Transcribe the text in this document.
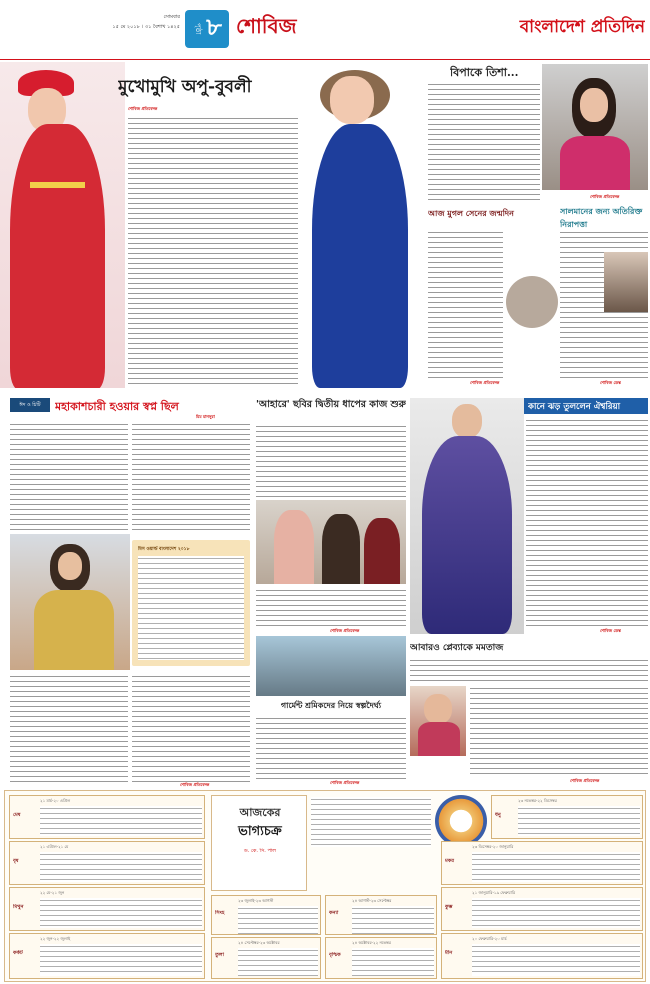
সোমবার
১৫ মে ২০১৮ । ৩১ বৈশাখ ১৪২৫ পৃষ্ঠা ৮ শোবিজ	বাংলাদেশ প্রতিদিন
মুখোমুখি অপু-বুবলী
শোবিজ প্রতিবেদক
বিপাকে তিশা...
শোবিজ প্রতিবেদক
আজ মুগল সেনের জন্মদিন
শোবিজ প্রতিবেদক
সালমানের জন্য অতিরিক্ত নিরাপত্তা
শোবিজ ডেস্ক
ঈদ ও চিটি	মহাকাশচারী হওয়ার স্বপ্ন ছিল
মিম মানসূরা
মিস ওয়ার্ল্ড বাংলাদেশ ২০১৮
শোবিজ প্রতিবেদক
'আহারে' ছবির দ্বিতীয় ধাপের কাজ শুরু
শোবিজ প্রতিবেদক
কানে ঝড় তুললেন ঐশ্বরিয়া
শোবিজ ডেস্ক
গার্মেন্ট শ্রমিকদের নিয়ে স্বল্পদৈর্ঘ্য
শোবিজ প্রতিবেদক
আবারও প্লেব্যাকে মমতাজ
শোবিজ প্রতিবেদক
মেষ
২১ মার্চ-২০ এপ্রিল
বৃষ
২১ এপ্রিল-২১ মে
মিথুন
২২ মে-২১ জুন
কর্কট
২২ জুন-২২ জুলাই
আজকের
ভাগ্যচক্র
ড. কে. সি. পাল
সিংহ
২৩ জুলাই-২৩ আগস্ট
কন্যা
২৪ আগস্ট-২৩ সেপ্টেম্বর
তুলা
২৪ সেপ্টেম্বর-২৩ অক্টোবর
বৃশ্চিক
২৪ অক্টোবর-২২ নভেম্বর
ধনু
২৩ নভেম্বর-২২ ডিসেম্বর
মকর
২৩ ডিসেম্বর-২০ জানুয়ারি
কুম্ভ
২১ জানুয়ারি-১৯ ফেব্রুয়ারি
মীন
২০ ফেব্রুয়ারি-২০ মার্চ
